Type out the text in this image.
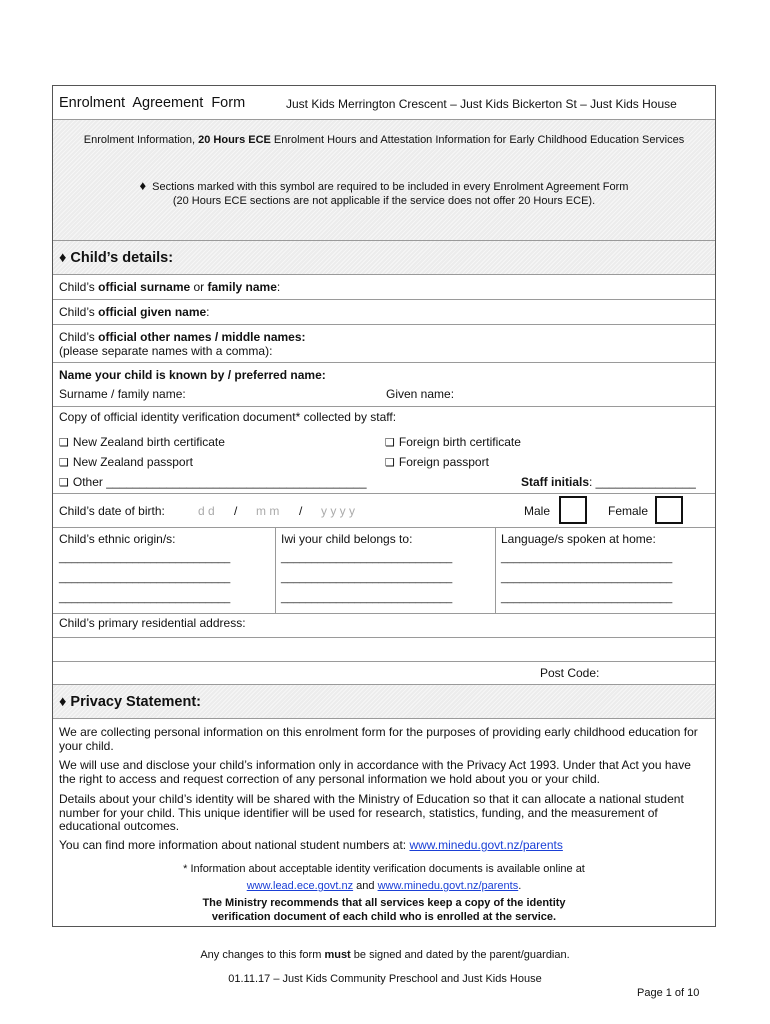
Enrolment  Agreement  Form	Just Kids Merrington Crescent – Just Kids Bickerton St – Just Kids House
Enrolment Information, 20 Hours ECE Enrolment Hours and Attestation Information for Early Childhood Education Services
♦ Sections marked with this symbol are required to be included in every Enrolment Agreement Form
(20 Hours ECE sections are not applicable if the service does not offer 20 Hours ECE).
♦ Child’s details:
Child’s official surname or family name:
Child’s official given name:
Child’s official other names / middle names:
(please separate names with a comma):
Name your child is known by / preferred name:
Surname / family name:	Given name:
Copy of official identity verification document* collected by staff:
❑ New Zealand birth certificate	❑ Foreign birth certificate
❑ New Zealand passport	❑ Foreign passport
❑ Other _______________________________________	Staff initials: _______________
Child’s date of birth:	d d / m m / y y y y	Male	Female
Child’s ethnic origin/s:
____________________________
____________________________
____________________________
Iwi your child belongs to:
____________________________
____________________________
____________________________
Language/s spoken at home:
____________________________
____________________________
____________________________
Child’s primary residential address:
Post Code:
♦ Privacy Statement:
We are collecting personal information on this enrolment form for the purposes of providing early childhood education for your child.
We will use and disclose your child’s information only in accordance with the Privacy Act 1993. Under that Act you have the right to access and request correction of any personal information we hold about you or your child.
Details about your child’s identity will be shared with the Ministry of Education so that it can allocate a national student number for your child. This unique identifier will be used for research, statistics, funding, and the measurement of educational outcomes.
You can find more information about national student numbers at: www.minedu.govt.nz/parents
* Information about acceptable identity verification documents is available online at
www.lead.ece.govt.nz and www.minedu.govt.nz/parents.
The Ministry recommends that all services keep a copy of the identity
verification document of each child who is enrolled at the service.
Any changes to this form must be signed and dated by the parent/guardian.
01.11.17 – Just Kids Community Preschool and Just Kids House
Page 1 of 10
